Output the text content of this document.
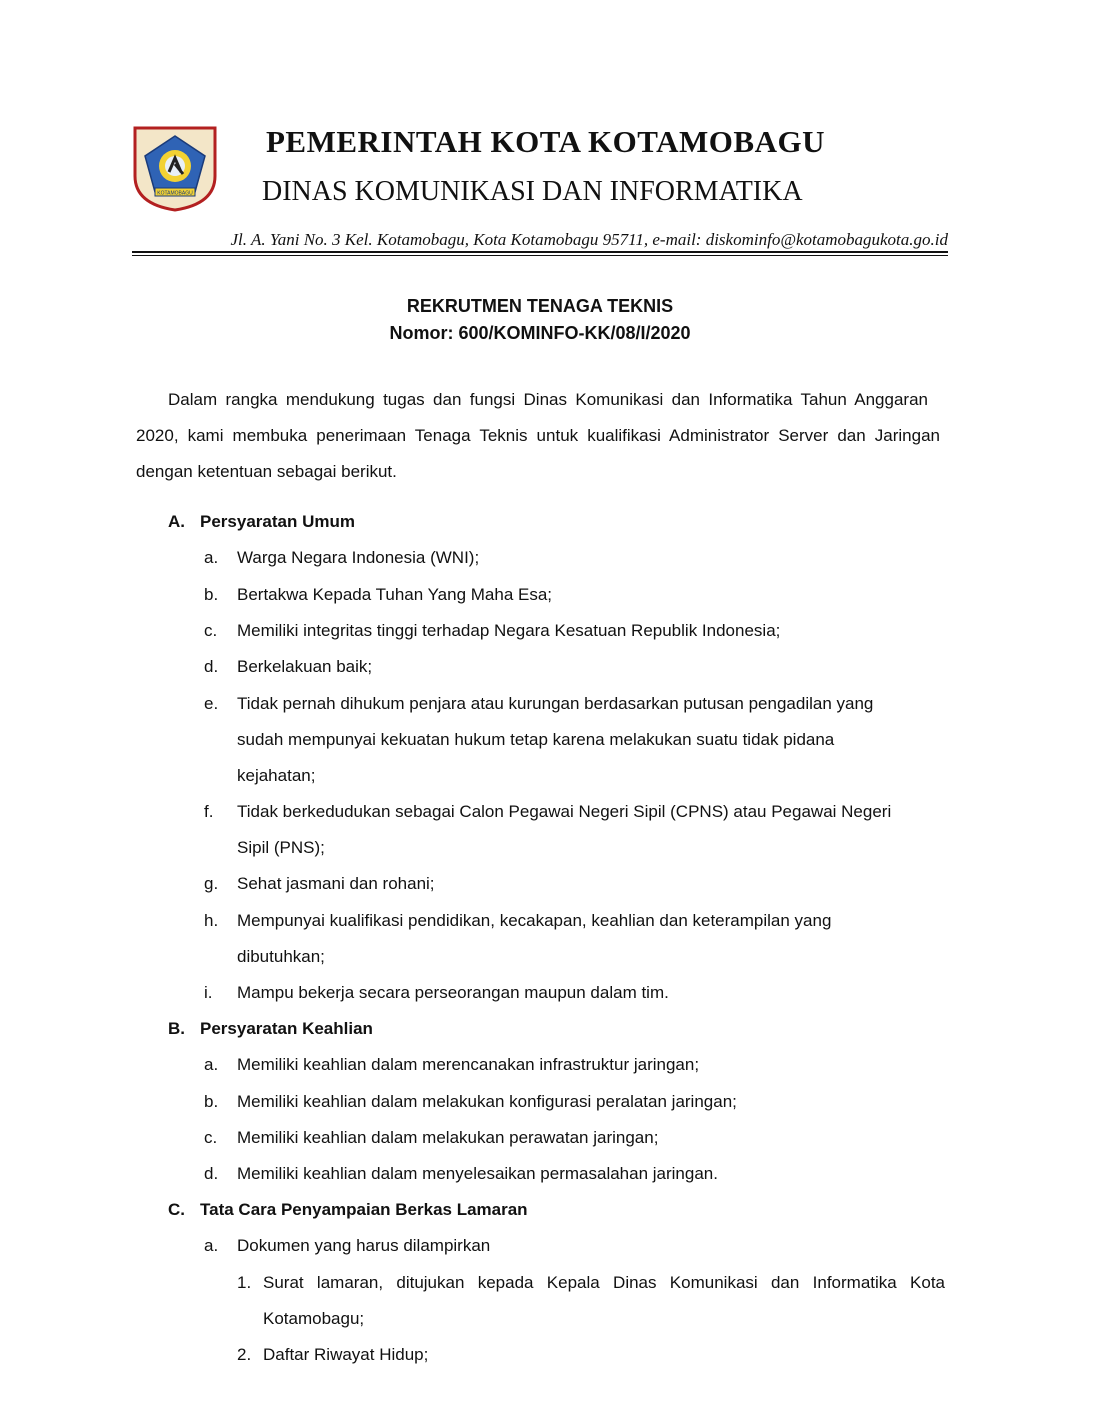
KOTAMOBAGU
PEMERINTAH KOTA KOTAMOBAGU
DINAS KOMUNIKASI DAN INFORMATIKA
Jl. A. Yani No. 3 Kel. Kotamobagu, Kota Kotamobagu 95711, e-mail: diskominfo@kotamobagukota.go.id
REKRUTMEN TENAGA TEKNIS
Nomor: 600/KOMINFO-KK/08/I/2020
Dalam rangka mendukung tugas dan fungsi Dinas Komunikasi dan Informatika Tahun Anggaran
2020, kami membuka penerimaan Tenaga Teknis untuk kualifikasi Administrator Server dan Jaringan
dengan ketentuan sebagai berikut.
A. Persyaratan Umum
a. Warga Negara Indonesia (WNI);
b. Bertakwa Kepada Tuhan Yang Maha Esa;
c. Memiliki integritas tinggi terhadap Negara Kesatuan Republik Indonesia;
d. Berkelakuan baik;
e. Tidak pernah dihukum penjara atau kurungan berdasarkan putusan pengadilan yang
sudah mempunyai kekuatan hukum tetap karena melakukan suatu tidak pidana
kejahatan;
f. Tidak berkedudukan sebagai Calon Pegawai Negeri Sipil (CPNS) atau Pegawai Negeri
Sipil (PNS);
g. Sehat jasmani dan rohani;
h. Mempunyai kualifikasi pendidikan, kecakapan, keahlian dan keterampilan yang
dibutuhkan;
i. Mampu bekerja secara perseorangan maupun dalam tim.
B. Persyaratan Keahlian
a. Memiliki keahlian dalam merencanakan infrastruktur jaringan;
b. Memiliki keahlian dalam melakukan konfigurasi peralatan jaringan;
c. Memiliki keahlian dalam melakukan perawatan jaringan;
d. Memiliki keahlian dalam menyelesaikan permasalahan jaringan.
C. Tata Cara Penyampaian Berkas Lamaran
a. Dokumen yang harus dilampirkan
1. Surat lamaran, ditujukan kepada Kepala Dinas Komunikasi dan Informatika Kota
Kotamobagu;
2. Daftar Riwayat Hidup;
